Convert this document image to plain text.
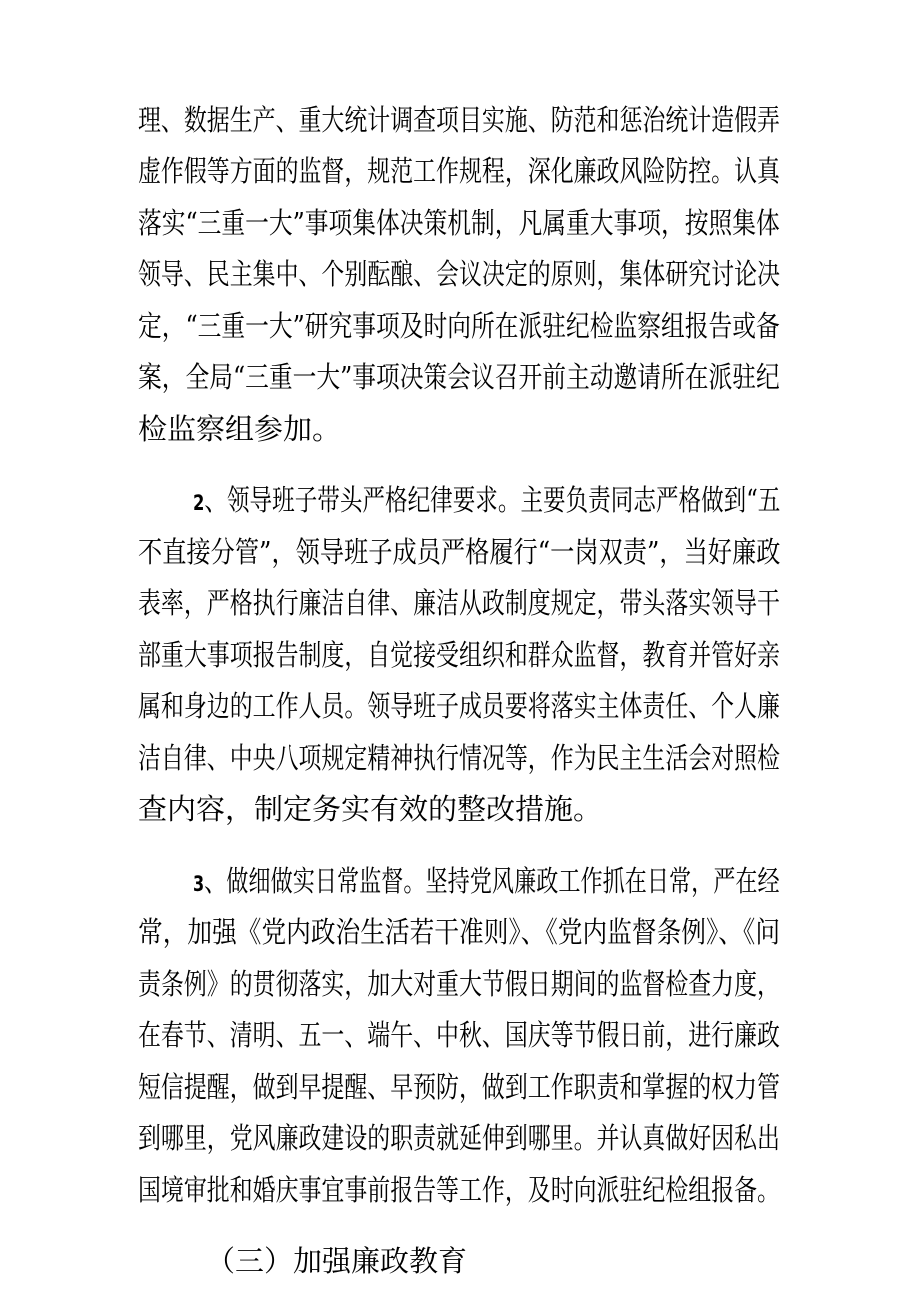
理、数据生产、重大统计调查项目实施、防范和惩治统计造假弄
虚作假等方面的监督，规范工作规程，深化廉政风险防控。认真
落实“三重一大”事项集体决策机制，凡属重大事项，按照集体
领导、民主集中、个别酝酿、会议决定的原则，集体研究讨论决
定，“三重一大”研究事项及时向所在派驻纪检监察组报告或备
案，全局“三重一大”事项决策会议召开前主动邀请所在派驻纪
检监察组参加。
2、领导班子带头严格纪律要求。主要负责同志严格做到“五
不直接分管”，领导班子成员严格履行“一岗双责”，当好廉政
表率，严格执行廉洁自律、廉洁从政制度规定，带头落实领导干
部重大事项报告制度，自觉接受组织和群众监督，教育并管好亲
属和身边的工作人员。领导班子成员要将落实主体责任、个人廉
洁自律、中央八项规定精神执行情况等，作为民主生活会对照检
查内容，制定务实有效的整改措施。
3、做细做实日常监督。坚持党风廉政工作抓在日常，严在经
常，加强《党内政治生活若干准则》、《党内监督条例》、《问
责条例》的贯彻落实，加大对重大节假日期间的监督检查力度，
在春节、清明、五一、端午、中秋、国庆等节假日前，进行廉政
短信提醒，做到早提醒、早预防，做到工作职责和掌握的权力管
到哪里，党风廉政建设的职责就延伸到哪里。并认真做好因私出
国境审批和婚庆事宜事前报告等工作，及时向派驻纪检组报备。
（三）加强廉政教育
